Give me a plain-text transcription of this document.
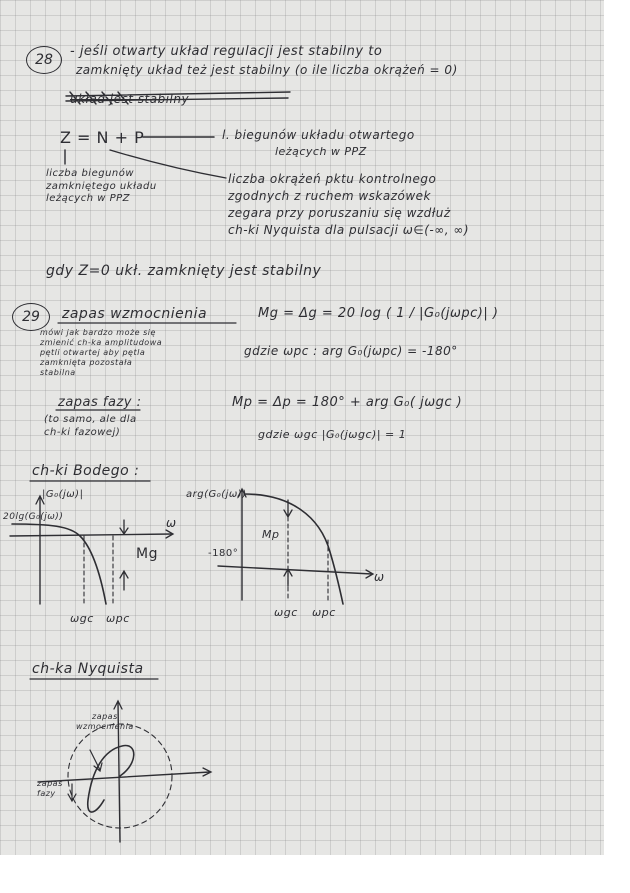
28
- jeśli otwarty układ regulacji jest stabilny to
zamknięty układ też jest stabilny (o ile liczba okrążeń = 0)
układ jest stabilny
Z = N + P	l. biegunów układu otwartego
leżących w PPZ
liczba biegunów
zamkniętego układu
leżących w PPZ
liczba okrążeń pktu kontrolnego
zgodnych z ruchem wskazówek
zegara przy poruszaniu się wzdłuż
ch-ki Nyquista dla pulsacji ω∈(-∞, ∞)
gdy Z=0 ukł. zamknięty jest stabilny
29	zapas wzmocnienia	Mg = Δg = 20 log ( 1 / |G₀(jωpc)| )
mówi jak bardzo może się
zmienić ch-ka amplitudowa
pętli otwartej aby pętla
zamknięta pozostała
stabilna
gdzie ωpc : arg G₀(jωpc) = -180°
zapas fazy :
(to samo, ale dla
ch-ki fazowej)
Mp = Δp = 180° + arg G₀( jωgc )
gdzie ωgc |G₀(jωgc)| = 1
ch-ki Bodego :
|G₀(jω)|
20lg(G₀(jω))	ω
Mg
ωgc ωpc
arg(G₀(jω))
-180°
Mp
ω
ωgc ωpc
ch-ka Nyquista
zapas
wzmocnienia
zapas
fazy
